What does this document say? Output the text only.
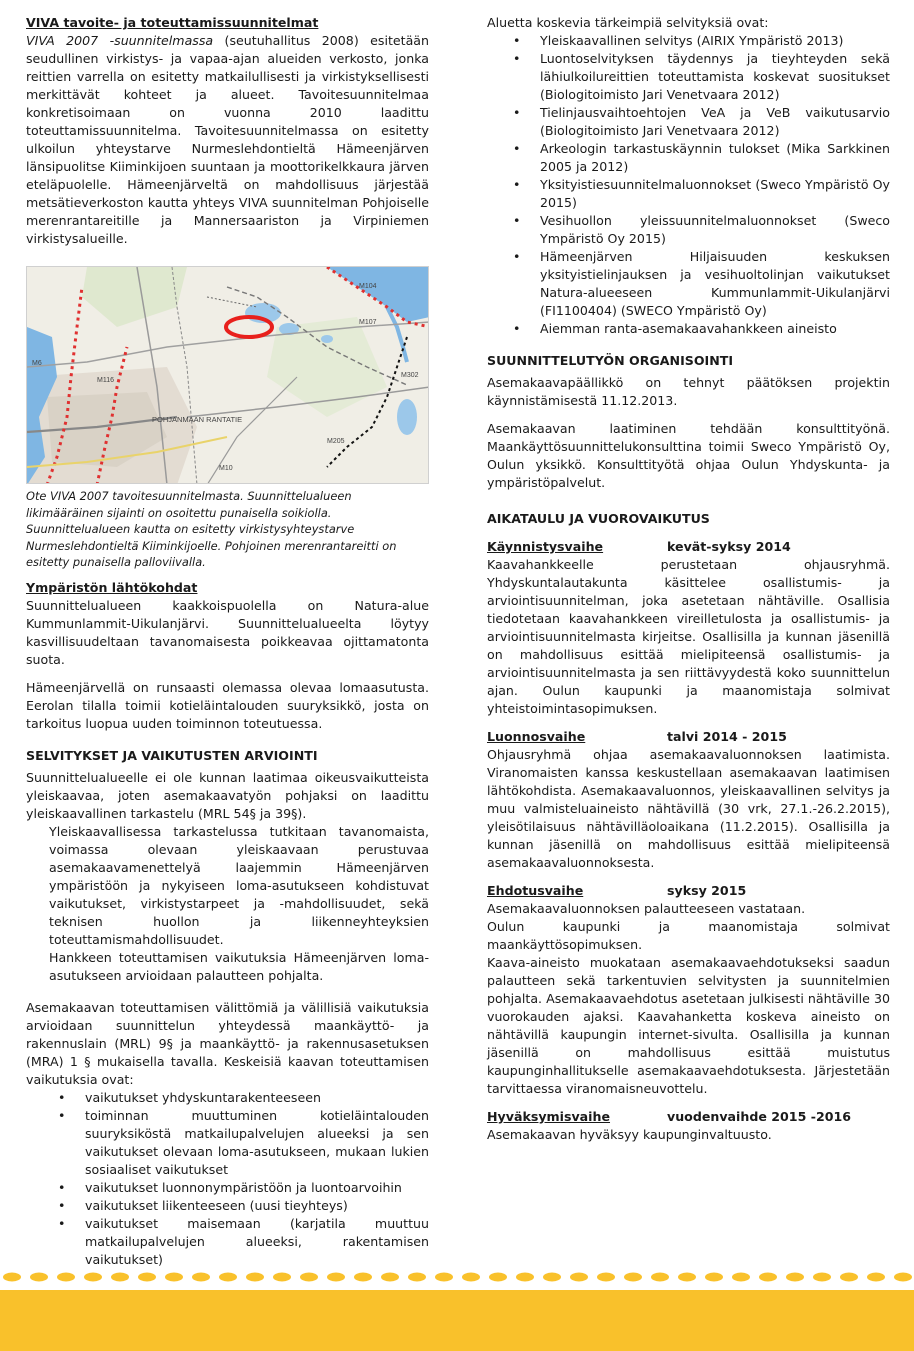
VIVA tavoite- ja toteuttamissuunnitelmat

VIVA 2007 -suunnitelmassa (seutuhallitus 2008) esitetään seudullinen virkistys- ja vapaa-ajan alueiden verkosto, jonka reittien varrella on esitetty matkailullisesti ja virkistyksellisesti merkittävät kohteet ja alueet. Tavoitesuunnitelmaa konkretisoimaan on vuonna 2010 laadittu toteuttamissuunnitelma. Tavoitesuunnitelmassa on esitetty ulkoilun yhteystarve Nurmeslehdontieltä Hämeenjärven länsipuolitse Kiiminkijoen suuntaan ja moottorikelkkaura järven eteläpuolelle. Hämeenjärveltä on mahdollisuus järjestää metsätieverkoston kautta yhteys VIVA suunnitelman Pohjoiselle merenrantareitille ja Mannersaariston ja Virpiniemen virkistysalueille.

M104
M107
M302
M6
M116
POHJANMAAN RANTATIE
M205
M10
Ote VIVA 2007 tavoitesuunnitelmasta. Suunnittelualueen likimääräinen sijainti on osoitettu punaisella soikiolla.
Suunnittelualueen kautta on esitetty virkistysyhteystarve Nurmeslehdontieltä Kiiminkijoelle. Pohjoinen merenrantareitti on esitetty punaisella palloviivalla.
Ympäristön lähtökohdat

Suunnittelualueen kaakkoispuolella on Natura-alue Kummunlammit-Uikulanjärvi. Suunnittelualueelta löytyy kasvillisuudeltaan tavanomaisesta poikkeavaa ojittamatonta suota.

Hämeenjärvellä on runsaasti olemassa olevaa lomaasutusta. Eerolan tilalla toimii kotieläintalouden suuryksikkö, josta on tarkoitus luopua uuden toiminnon toteutuessa.

SELVITYKSET JA VAIKUTUSTEN ARVIOINTI

Suunnittelualueelle ei ole kunnan laatimaa oikeusvaikutteista yleiskaavaa, joten asemakaavatyön pohjaksi on laadittu yleiskaavallinen tarkastelu (MRL 54§ ja 39§).

Yleiskaavallisessa tarkastelussa tutkitaan tavanomaista, voimassa olevaan yleiskaavaan perustuvaa asemakaavamenettelyä laajemmin Hämeenjärven ympäristöön ja nykyiseen loma-asutukseen kohdistuvat vaikutukset, virkistystarpeet ja -mahdollisuudet, sekä teknisen huollon ja liikenneyhteyksien toteuttamismahdollisuudet.
Hankkeen toteuttamisen vaikutuksia Hämeenjärven loma-asutukseen arvioidaan palautteen pohjalta.

Asemakaavan toteuttamisen välittömiä ja välillisiä vaikutuksia arvioidaan suunnittelun yhteydessä maankäyttö- ja rakennuslain (MRL) 9§ ja maankäyttö- ja rakennusasetuksen (MRA) 1 § mukaisella tavalla. Keskeisiä kaavan toteuttamisen vaikutuksia ovat:

• vaikutukset yhdyskuntarakenteeseen
• toiminnan muuttuminen kotieläintalouden suuryksiköstä matkailupalvelujen alueeksi ja sen vaikutukset olevaan loma-asutukseen, mukaan lukien sosiaaliset vaikutukset
• vaikutukset luonnonympäristöön ja luontoarvoihin
• vaikutukset liikenteeseen (uusi tieyhteys)
• vaikutukset maisemaan (karjatila muuttuu matkailupalvelujen alueeksi, rakentamisen vaikutukset)
Aluetta koskevia tärkeimpiä selvityksiä ovat:
• Yleiskaavallinen selvitys (AIRIX Ympäristö 2013)
• Luontoselvityksen täydennys ja tieyhteyden sekä lähiulkoilureittien toteuttamista koskevat suositukset (Biologitoimisto Jari Venetvaara 2012)
• Tielinjausvaihtoehtojen VeA ja VeB vaikutusarvio (Biologitoimisto Jari Venetvaara 2012)
• Arkeologin tarkastuskäynnin tulokset (Mika Sarkkinen 2005 ja 2012)
• Yksityistiesuunnitelmaluonnokset (Sweco Ympäristö Oy 2015)
• Vesihuollon yleissuunnitelmaluonnokset (Sweco Ympäristö Oy 2015)
• Hämeenjärven Hiljaisuuden keskuksen yksityistielinjauksen ja vesihuoltolinjan vaikutukset Natura-alueeseen Kummunlammit-Uikulanjärvi (FI1100404) (SWECO Ympäristö Oy)
• Aiemman ranta-asemakaavahankkeen aineisto
SUUNNITTELUTYÖN ORGANISOINTI

Asemakaavapäällikkö on tehnyt päätöksen projektin käynnistämisestä 11.12.2013.

Asemakaavan laatiminen tehdään konsulttityönä. Maankäyttösuunnittelukonsulttina toimii Sweco Ympäristö Oy, Oulun yksikkö. Konsulttityötä ohjaa Oulun Yhdyskunta- ja ympäristöpalvelut.

AIKATAULU JA VUOROVAIKUTUS
Käynnistysvaihe	kevät-syksy 2014

Kaavahankkeelle perustetaan ohjausryhmä. Yhdyskuntalautakunta käsittelee osallistumis- ja arviointisuunnitelman, joka asetetaan nähtäville. Osallisia tiedotetaan kaavahankkeen vireilletulosta ja osallistumis- ja arviointisuunnitelmasta kirjeitse. Osallisilla ja kunnan jäsenillä on mahdollisuus esittää mielipiteensä osallistumis- ja arviointisuunnitelmasta ja sen riittävyydestä koko suunnittelun ajan. Oulun kaupunki ja maanomistaja solmivat yhteistoimintasopimuksen.

Luonnosvaihe	talvi 2014 - 2015

Ohjausryhmä ohjaa asemakaavaluonnoksen laatimista. Viranomaisten kanssa keskustellaan asemakaavan laatimisen lähtökohdista. Asemakaavaluonnos, yleiskaavallinen selvitys ja muu valmisteluaineisto nähtävillä (30 vrk, 27.1.-26.2.2015), yleisötilaisuus nähtävilläoloaikana (11.2.2015). Osallisilla ja kunnan jäsenillä on mahdollisuus esittää mielipiteensä asemakaavaluonnoksesta.

Ehdotusvaihe	syksy 2015

Asemakaavaluonnoksen palautteeseen vastataan.

Oulun kaupunki ja maanomistaja solmivat maankäyttösopimuksen.

Kaava-aineisto muokataan asemakaavaehdotukseksi saadun palautteen sekä tarkentuvien selvitysten ja suunnitelmien pohjalta. Asemakaavaehdotus asetetaan julkisesti nähtäville 30 vuorokauden ajaksi. Kaavahanketta koskeva aineisto on nähtävillä kaupungin internet-sivulta. Osallisilla ja kunnan jäsenillä on mahdollisuus esittää muistutus kaupunginhallitukselle asemakaavaehdotuksesta. Järjestetään tarvittaessa viranomaisneuvottelu.

Hyväksymisvaihe	vuodenvaihde 2015 -2016

Asemakaavan hyväksyy kaupunginvaltuusto.
